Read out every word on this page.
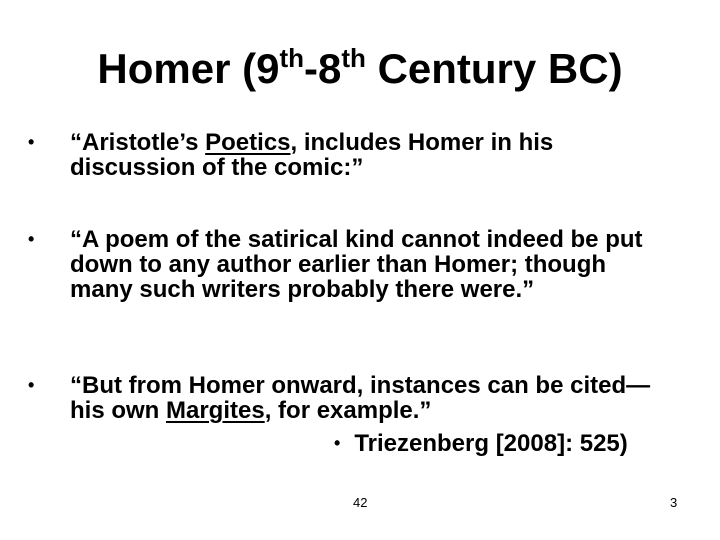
Homer (9th-8th Century BC)
•	“Aristotle’s Poetics, includes Homer in his discussion of the comic:”
•	“A poem of the satirical kind cannot indeed be put down to any author earlier than Homer; though many such writers probably there were.”
•	“But from Homer onward, instances can be cited—his own Margites, for example.”
• Triezenberg [2008]: 525)
42	3
